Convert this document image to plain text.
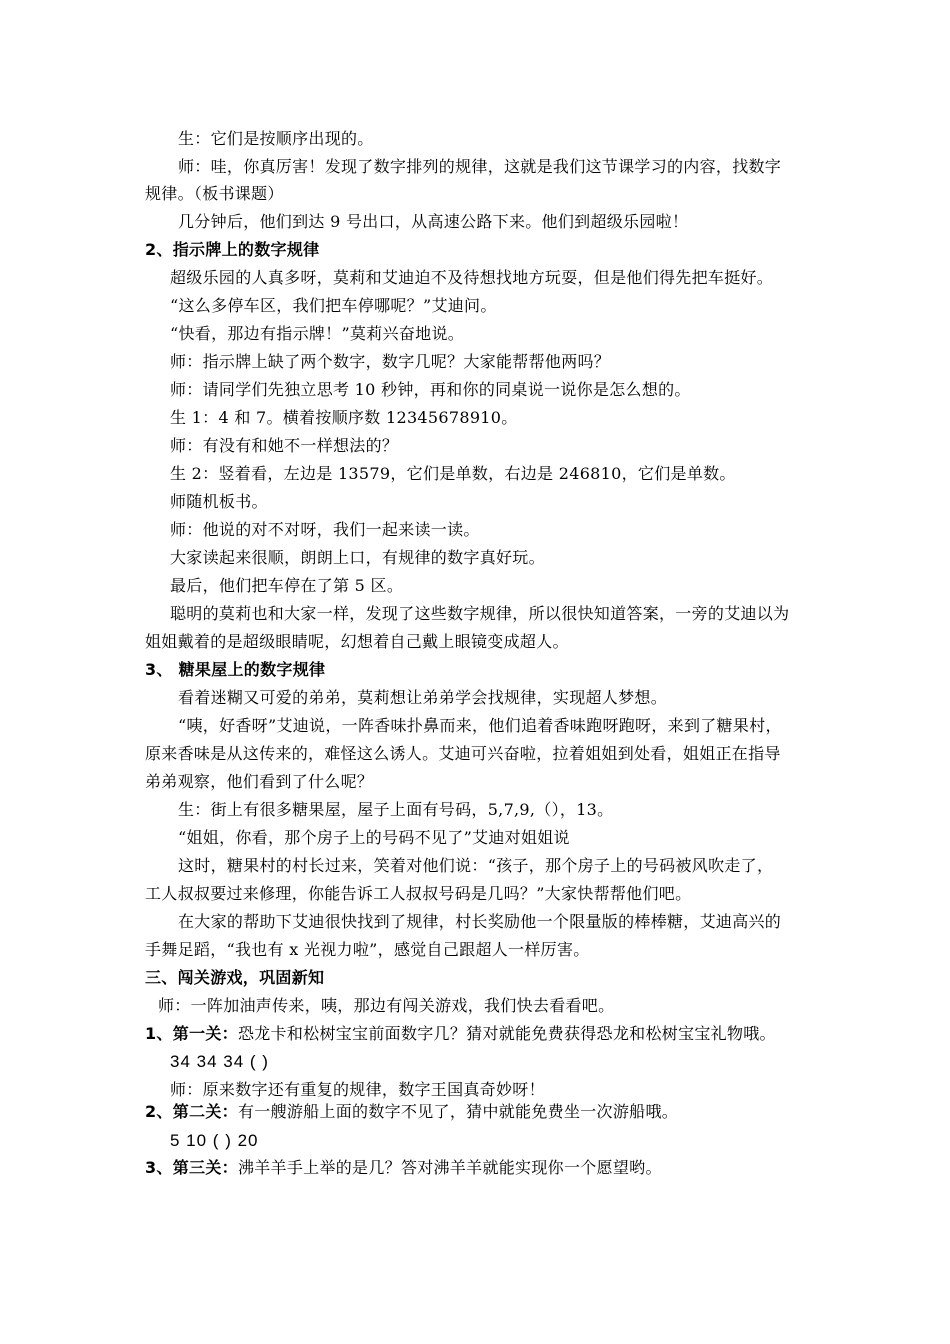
生：它们是按顺序出现的。
师：哇，你真厉害！发现了数字排列的规律，这就是我们这节课学习的内容，找数字
规律。（板书课题）
几分钟后，他们到达 9 号出口，从高速公路下来。他们到超级乐园啦！
2、指示牌上的数字规律
超级乐园的人真多呀，莫莉和艾迪迫不及待想找地方玩耍，但是他们得先把车挺好。
“这么多停车区，我们把车停哪呢？”艾迪问。
“快看，那边有指示牌！”莫莉兴奋地说。
师：指示牌上缺了两个数字，数字几呢？大家能帮帮他两吗？
师：请同学们先独立思考 10 秒钟，再和你的同桌说一说你是怎么想的。
生 1：4 和 7。横着按顺序数 12345678910。
师：有没有和她不一样想法的？
生 2：竖着看，左边是 13579，它们是单数，右边是 246810，它们是单数。
师随机板书。
师：他说的对不对呀，我们一起来读一读。
大家读起来很顺，朗朗上口，有规律的数字真好玩。
最后，他们把车停在了第 5 区。
聪明的莫莉也和大家一样，发现了这些数字规律，所以很快知道答案，一旁的艾迪以为
姐姐戴着的是超级眼睛呢，幻想着自己戴上眼镜变成超人。
3、 糖果屋上的数字规律
看着迷糊又可爱的弟弟，莫莉想让弟弟学会找规律，实现超人梦想。
“咦，好香呀”艾迪说，一阵香味扑鼻而来，他们追着香味跑呀跑呀，来到了糖果村，
原来香味是从这传来的，难怪这么诱人。艾迪可兴奋啦，拉着姐姐到处看，姐姐正在指导
弟弟观察，他们看到了什么呢？
生：街上有很多糖果屋，屋子上面有号码，5,7,9,（），13。
“姐姐，你看，那个房子上的号码不见了”艾迪对姐姐说
这时，糖果村的村长过来，笑着对他们说：“孩子，那个房子上的号码被风吹走了，
工人叔叔要过来修理，你能告诉工人叔叔号码是几吗？”大家快帮帮他们吧。
在大家的帮助下艾迪很快找到了规律，村长奖励他一个限量版的棒棒糖，艾迪高兴的
手舞足蹈，“我也有 x 光视力啦”，感觉自己跟超人一样厉害。
三、闯关游戏，巩固新知
师：一阵加油声传来，咦，那边有闯关游戏，我们快去看看吧。
1、第一关：恐龙卡和松树宝宝前面数字几？猜对就能免费获得恐龙和松树宝宝礼物哦。
34 34 34 ( )
师：原来数字还有重复的规律，数字王国真奇妙呀！
2、第二关：有一艘游船上面的数字不见了，猜中就能免费坐一次游船哦。
5 10 ( ) 20
3、第三关：沸羊羊手上举的是几？答对沸羊羊就能实现你一个愿望哟。
